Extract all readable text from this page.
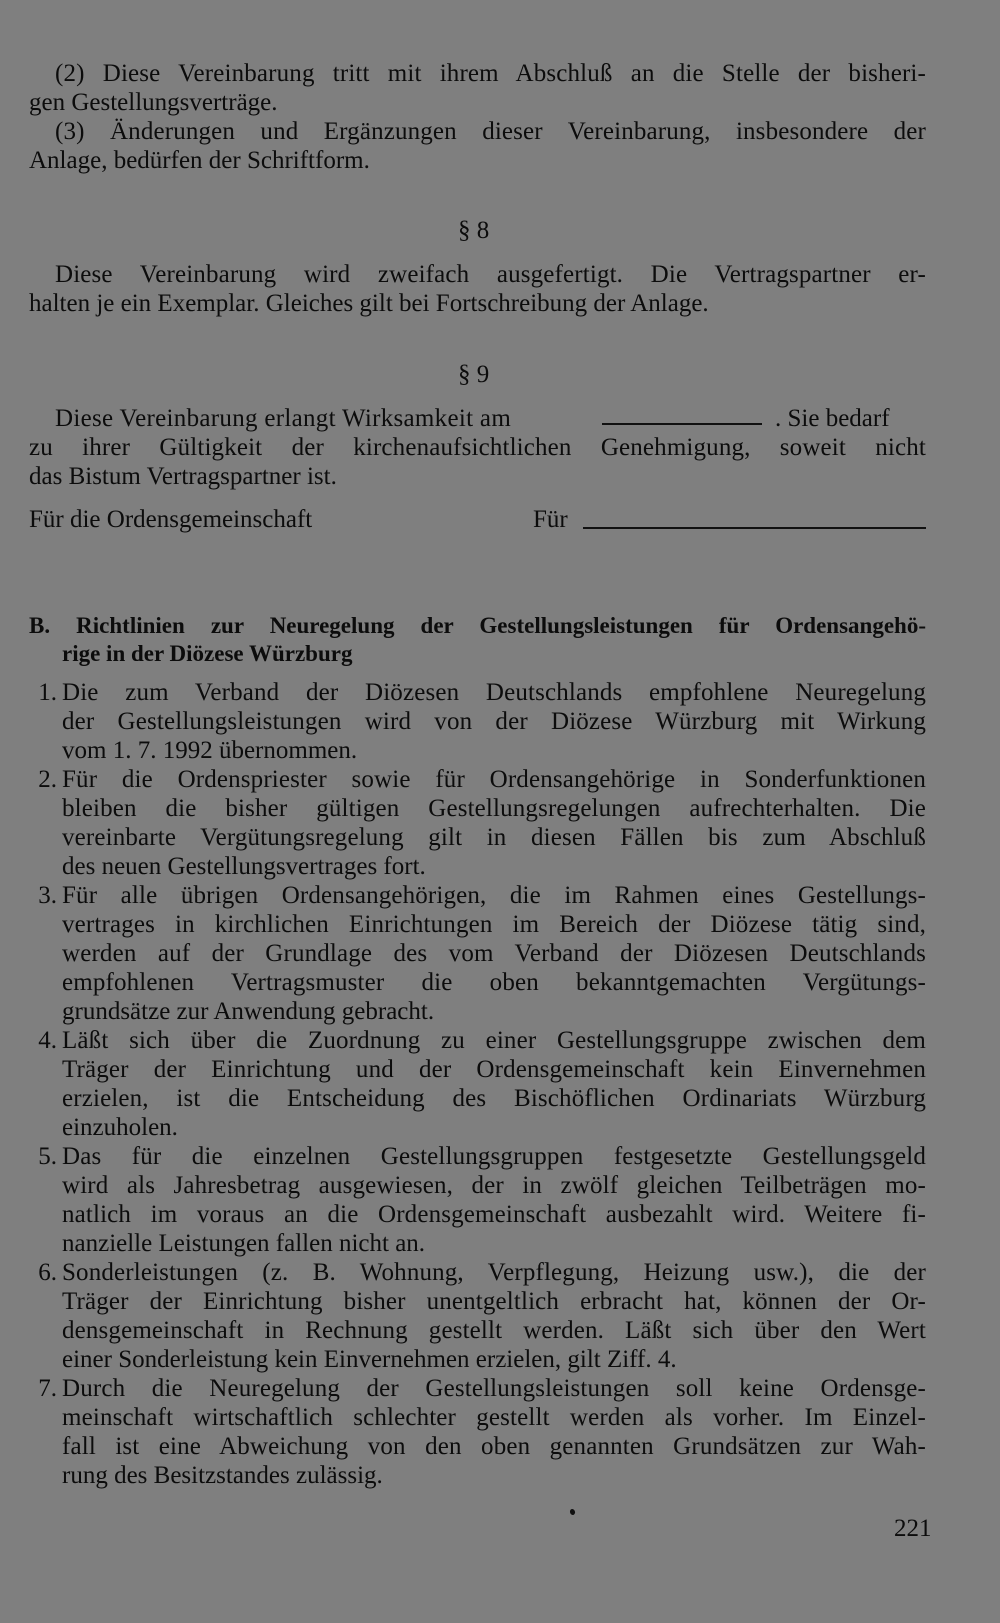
(2) Diese Vereinbarung tritt mit ihrem Abschluß an die Stelle der bisheri-
gen Gestellungsverträge.
(3) Änderungen und Ergänzungen dieser Vereinbarung, insbesondere der
Anlage, bedürfen der Schriftform.
§ 8
Diese Vereinbarung wird zweifach ausgefertigt. Die Vertragspartner er-
halten je ein Exemplar. Gleiches gilt bei Fortschreibung der Anlage.
§ 9
Diese Vereinbarung erlangt Wirksamkeit am	. Sie bedarf
zu ihrer Gültigkeit der kirchenaufsichtlichen Genehmigung, soweit nicht
das Bistum Vertragspartner ist.
Für die Ordensgemeinschaft	Für
B. Richtlinien zur Neuregelung der Gestellungsleistungen für Ordensangehö-
rige in der Diözese Würzburg
1. Die zum Verband der Diözesen Deutschlands empfohlene Neuregelung
der Gestellungsleistungen wird von der Diözese Würzburg mit Wirkung
vom 1. 7. 1992 übernommen.
2. Für die Ordenspriester sowie für Ordensangehörige in Sonderfunktionen
bleiben die bisher gültigen Gestellungsregelungen aufrechterhalten. Die
vereinbarte Vergütungsregelung gilt in diesen Fällen bis zum Abschluß
des neuen Gestellungsvertrages fort.
3. Für alle übrigen Ordensangehörigen, die im Rahmen eines Gestellungs-
vertrages in kirchlichen Einrichtungen im Bereich der Diözese tätig sind,
werden auf der Grundlage des vom Verband der Diözesen Deutschlands
empfohlenen Vertragsmuster die oben bekanntgemachten Vergütungs-
grundsätze zur Anwendung gebracht.
4. Läßt sich über die Zuordnung zu einer Gestellungsgruppe zwischen dem
Träger der Einrichtung und der Ordensgemeinschaft kein Einvernehmen
erzielen, ist die Entscheidung des Bischöflichen Ordinariats Würzburg
einzuholen.
5. Das für die einzelnen Gestellungsgruppen festgesetzte Gestellungsgeld
wird als Jahresbetrag ausgewiesen, der in zwölf gleichen Teilbeträgen mo-
natlich im voraus an die Ordensgemeinschaft ausbezahlt wird. Weitere fi-
nanzielle Leistungen fallen nicht an.
6. Sonderleistungen (z. B. Wohnung, Verpflegung, Heizung usw.), die der
Träger der Einrichtung bisher unentgeltlich erbracht hat, können der Or-
densgemeinschaft in Rechnung gestellt werden. Läßt sich über den Wert
einer Sonderleistung kein Einvernehmen erzielen, gilt Ziff. 4.
7. Durch die Neuregelung der Gestellungsleistungen soll keine Ordensge-
meinschaft wirtschaftlich schlechter gestellt werden als vorher. Im Einzel-
fall ist eine Abweichung von den oben genannten Grundsätzen zur Wah-
rung des Besitzstandes zulässig.
221
